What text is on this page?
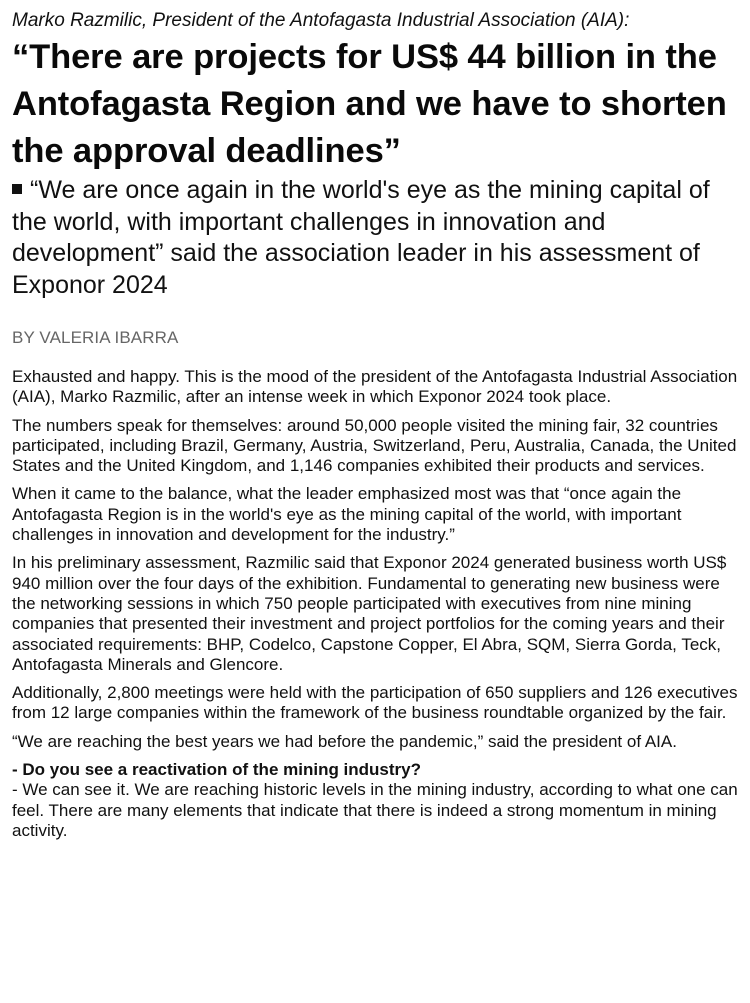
Marko Razmilic, President of the Antofagasta Industrial Association (AIA):

“There are projects for US$ 44 billion in the Antofagasta Region and we have to shorten the approval deadlines”

“We are once again in the world's eye as the mining capital of the world, with important challenges in innovation and development” said the association leader in his assessment of Exponor 2024

BY VALERIA IBARRA

Exhausted and happy. This is the mood of the president of the Antofagasta Industrial Association (AIA), Marko Razmilic, after an intense week in which Exponor 2024 took place.

The numbers speak for themselves: around 50,000 people visited the mining fair, 32 countries participated, including Brazil, Germany, Austria, Switzerland, Peru, Australia, Canada, the United States and the United Kingdom, and 1,146 companies exhibited their products and services.

When it came to the balance, what the leader emphasized most was that “once again the Antofagasta Region is in the world's eye as the mining capital of the world, with important challenges in innovation and development for the industry.”

In his preliminary assessment, Razmilic said that Exponor 2024 generated business worth US$ 940 million over the four days of the exhibition. Fundamental to generating new business were the networking sessions in which 750 people participated with executives from nine mining companies that presented their investment and project portfolios for the coming years and their associated requirements: BHP, Codelco, Capstone Copper, El Abra, SQM, Sierra Gorda, Teck, Antofagasta Minerals and Glencore.

Additionally, 2,800 meetings were held with the participation of 650 suppliers and 126 executives from 12 large companies within the framework of the business roundtable organized by the fair.

“We are reaching the best years we had before the pandemic,” said the president of AIA.

- Do you see a reactivation of the mining industry?

- We can see it. We are reaching historic levels in the mining industry, according to what one can feel. There are many elements that indicate that there is indeed a strong momentum in mining activity.
